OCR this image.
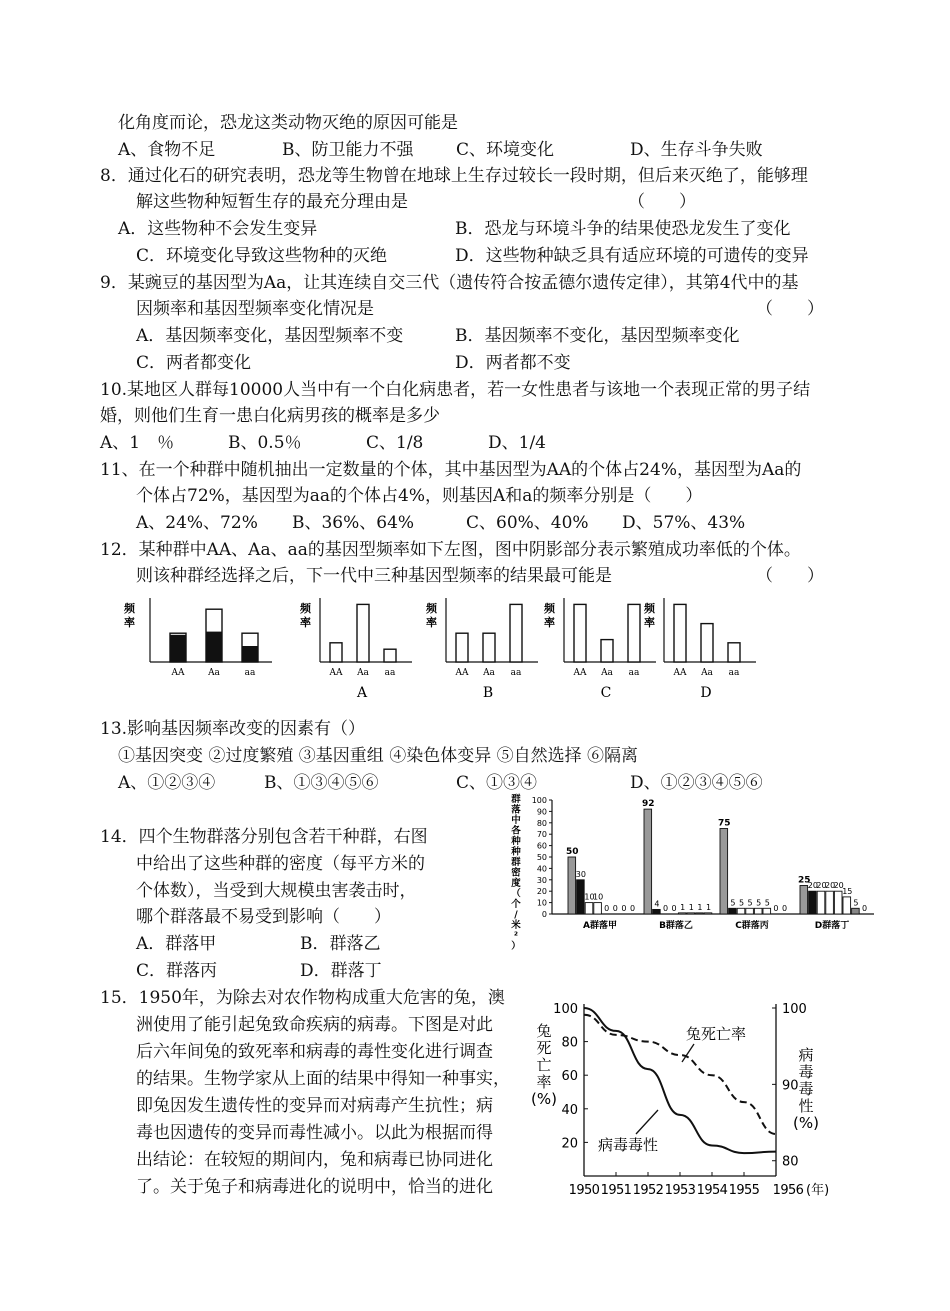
化角度而论，恐龙这类动物灭绝的原因可能是
A、食物不足	B、防卫能力不强	C、环境变化	D、生存斗争失败
8．通过化石的研究表明，恐龙等生物曾在地球上生存过较长一段时期，但后来灭绝了，能够理
解这些物种短暂生存的最充分理由是	（　　）
A．这些物种不会发生变异	B．恐龙与环境斗争的结果使恐龙发生了变化
C．环境变化导致这些物种的灭绝	D．这些物种缺乏具有适应环境的可遗传的变异
9．某豌豆的基因型为Aa，让其连续自交三代（遗传符合按孟德尔遗传定律），其第4代中的基
因频率和基因型频率变化情况是	（　　）
A．基因频率变化，基因型频率不变	B．基因频率不变化，基因型频率变化
C．两者都变化	D．两者都不变
10.某地区人群每10000人当中有一个白化病患者，若一女性患者与该地一个表现正常的男子结
婚，则他们生育一患白化病男孩的概率是多少
A、1　％	B、0.5％	C、1/8	D、1/4
11、在一个种群中随机抽出一定数量的个体，其中基因型为AA的个体占24%，基因型为Aa的
个体占72%，基因型为aa的个体占4%，则基因A和a的频率分别是（　　）
A、24%、72% B、36%、64%	C、60%、40% D、57%、43%
12．某种群中AA、Aa、aa的基因型频率如下左图，图中阴影部分表示繁殖成功率低的个体。
则该种群经选择之后，下一代中三种基因型频率的结果最可能是	（　　）
频
率
AA	Aa	aa
频
率
AA Aa aa
A
频
率
AA Aa aa
B
频
率
AA Aa aa
C
频
率
AA Aa aa
D
13.影响基因频率改变的因素有（）
①基因突变 ②过度繁殖 ③基因重组 ④染色体变异 ⑤自然选择 ⑥隔离
A、①②③④	B、①③④⑤⑥	C、①③④	D、①②③④⑤⑥
14．四个生物群落分别包含若干种群，右图
中给出了这些种群的密度（每平方米的
个体数），当受到大规模虫害袭击时，
哪个群落最不易受到影响（　　）
A．群落甲	B．群落乙
C．群落丙	D．群落丁
群
落
中
各
种
种
群
密
度
（
个
/
米
²
）
0
10
20
30
40
50
60
70
80
90
100
50
30
10
10
0 0 0 0
A群落甲
92
4
0 0 1 1 1 1
B群落乙
75
5 5 5 5 5
0 0
C群落丙
25
20
20
20
20
15
5
0
D群落丁
15．1950年，为除去对农作物构成重大危害的兔，澳
洲使用了能引起兔致命疾病的病毒。下图是对此
后六年间兔的致死率和病毒的毒性变化进行调查
的结果。生物学家从上面的结果中得知一种事实，
即兔因发生遗传性的变异而对病毒产生抗性；病
毒也因遗传的变异而毒性减小。以此为根据而得
出结论：在较短的期间内，兔和病毒已协同进化
了。关于兔子和病毒进化的说明中，恰当的进化
20
40
60
80
100
80
90
100
1950 1951 1952 1953 1954 1955 1956 (年)
兔
死
亡
率
(%)
病
毒
毒
性
(%)
兔死亡率
病毒毒性
